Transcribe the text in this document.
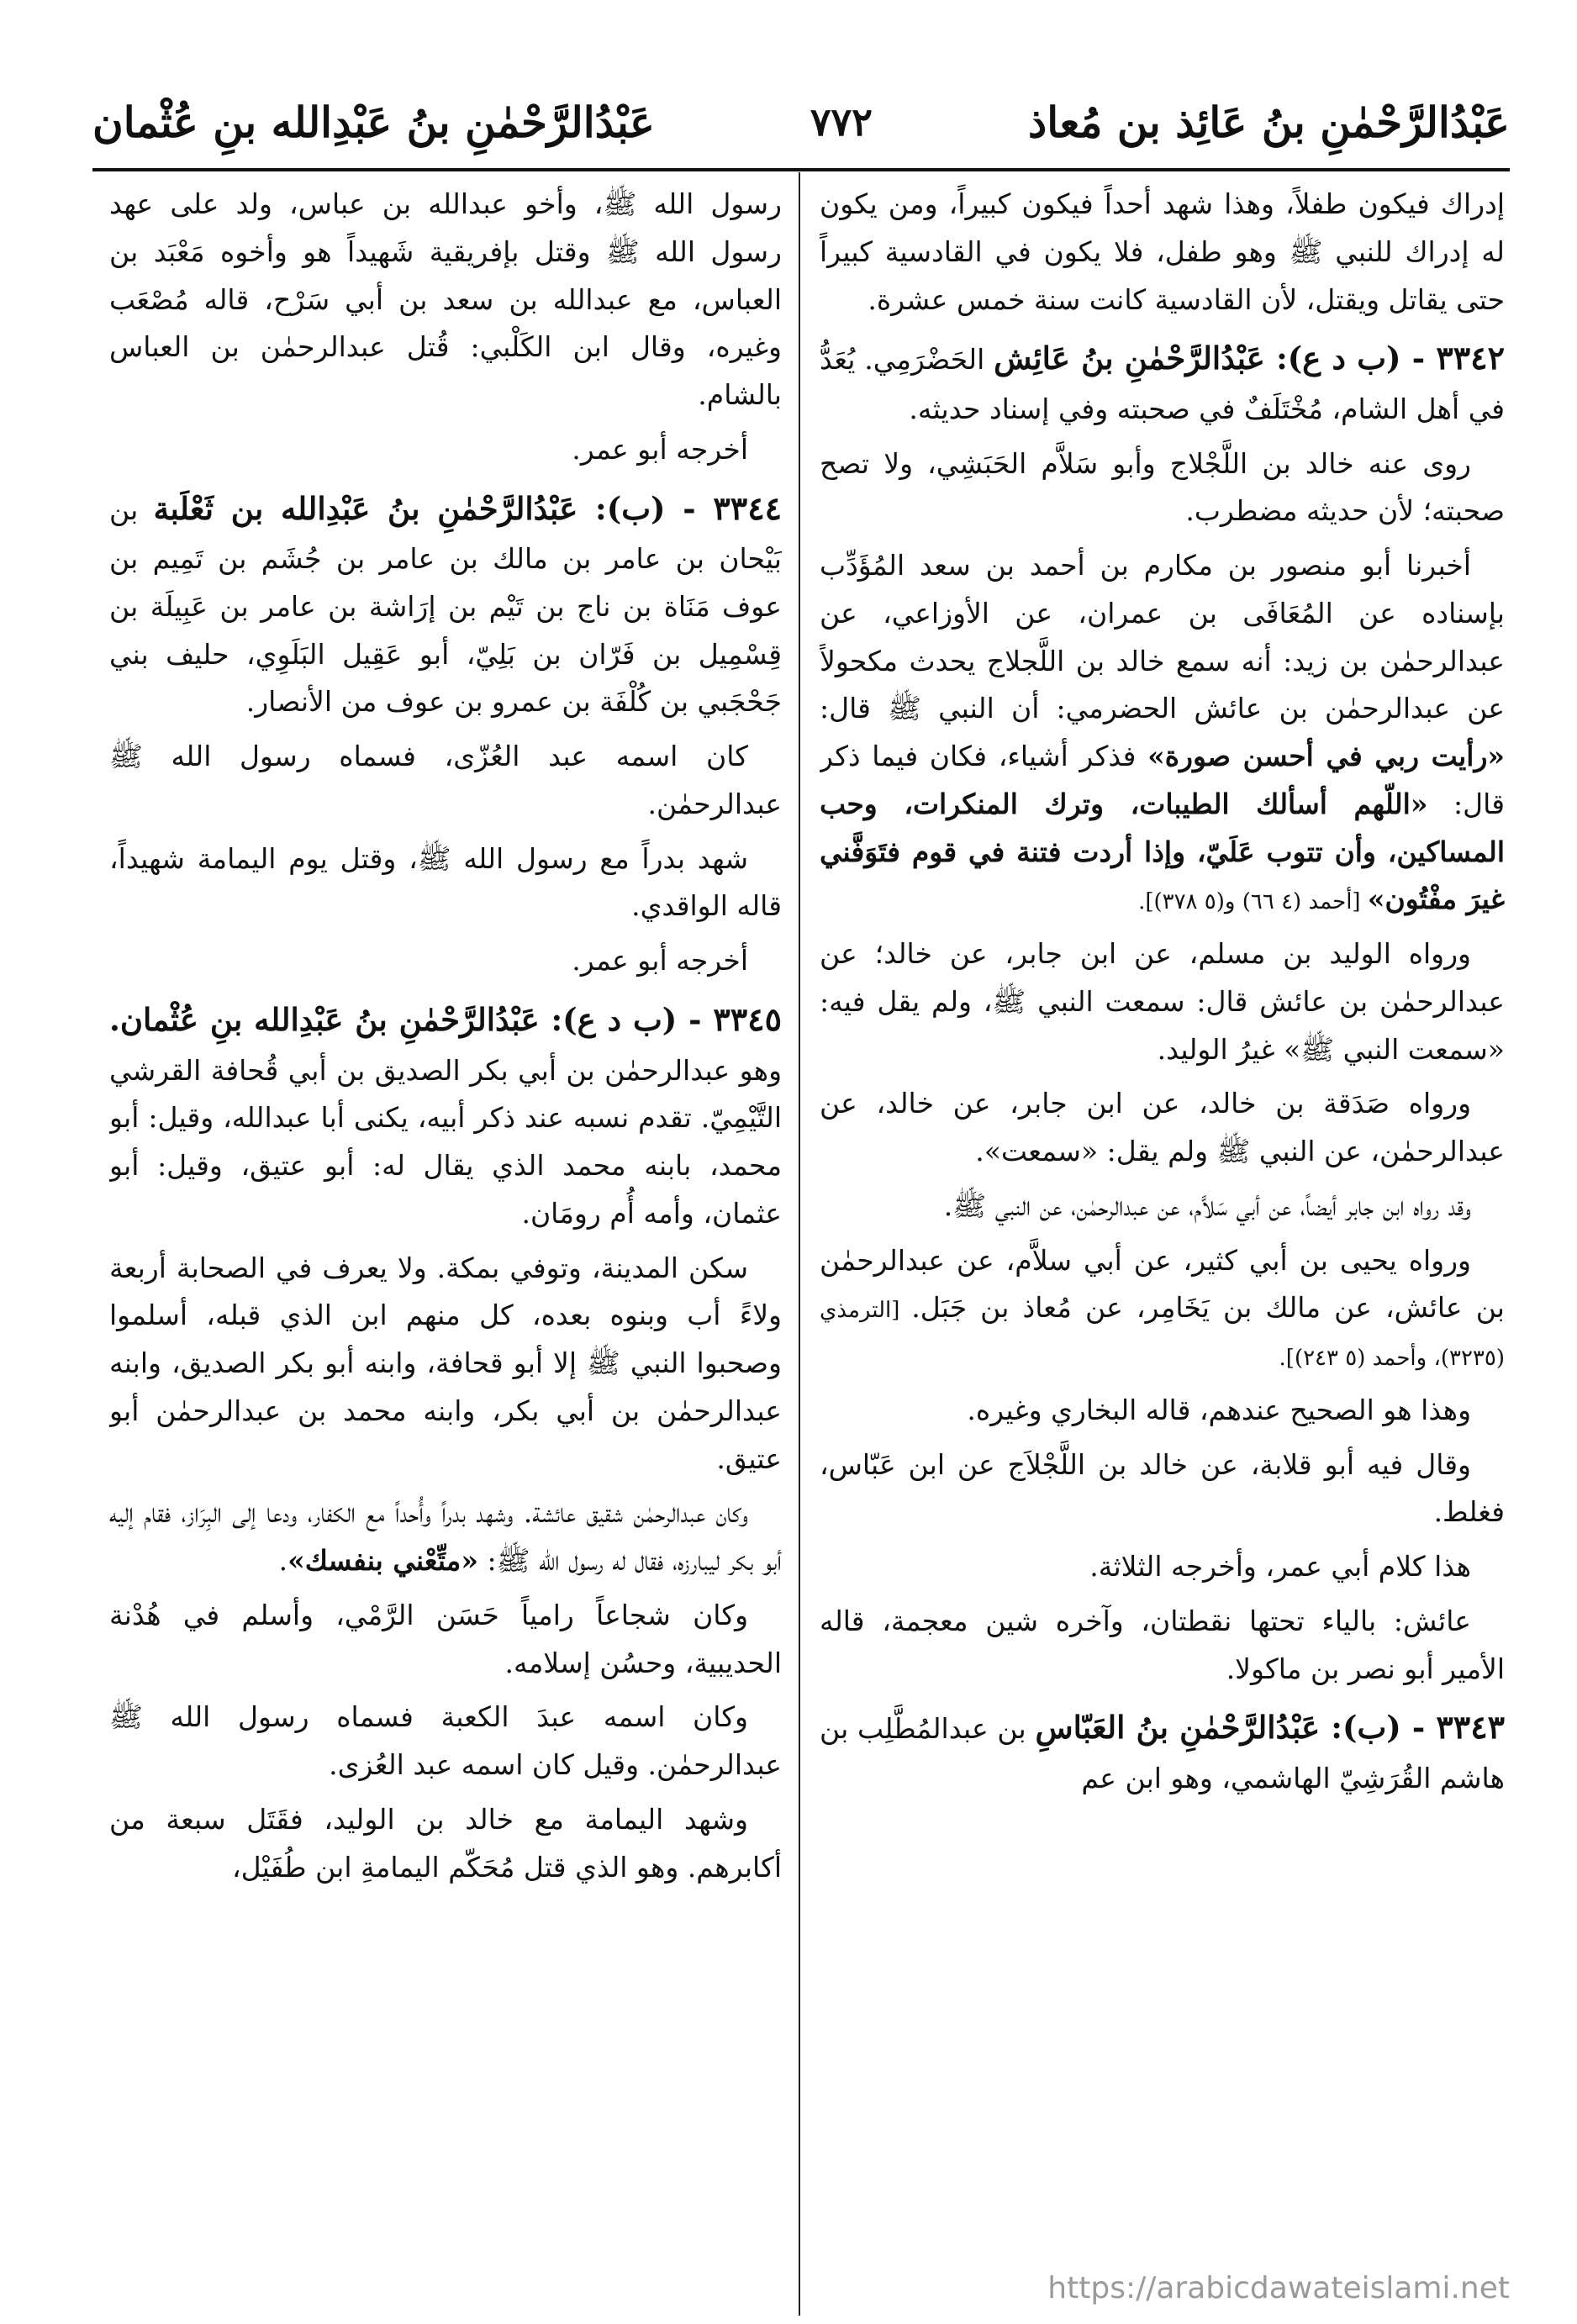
عَبْدُالرَّحْمٰنِ بنُ عَائِذ بن مُعاذ
٧٧٢
عَبْدُالرَّحْمٰنِ بنُ عَبْدِالله بنِ عُثْمان

إدراك فيكون طفلاً، وهذا شهد أحداً فيكون كبيراً، ومن يكون له إدراك للنبي ﷺ وهو طفل، فلا يكون في القادسية كبيراً حتى يقاتل ويقتل، لأن القادسية كانت سنة خمس عشرة.

٣٣٤٢ - (ب د ع): عَبْدُالرَّحْمٰنِ بنُ عَائِش الحَضْرَمِي. يُعَدُّ في أهل الشام، مُخْتَلَفٌ في صحبته وفي إسناد حديثه.

روى عنه خالد بن اللَّجْلاج وأبو سَلاَّم الحَبَشِي، ولا تصح صحبته؛ لأن حديثه مضطرب.

أخبرنا أبو منصور بن مكارم بن أحمد بن سعد المُؤَدِّب بإسناده عن المُعَافَى بن عمران، عن الأوزاعي، عن عبدالرحمٰن بن زيد: أنه سمع خالد بن اللَّجلاج يحدث مكحولاً عن عبدالرحمٰن بن عائش الحضرمي: أن النبي ﷺ قال: «رأيت ربي في أحسن صورة» فذكر أشياء، فكان فيما ذكر قال: «اللّهم أسألك الطيبات، وترك المنكرات، وحب المساكين، وأن تتوب عَلَيّ، وإذا أردت فتنة في قوم فتَوَفَّني غيرَ مفْتُون» [أحمد (٤ ٦٦) و(٥ ٣٧٨)].

ورواه الوليد بن مسلم، عن ابن جابر، عن خالد؛ عن عبدالرحمٰن بن عائش قال: سمعت النبي ﷺ، ولم يقل فيه: «سمعت النبي ﷺ» غيرُ الوليد.

ورواه صَدَقة بن خالد، عن ابن جابر، عن خالد، عن عبدالرحمٰن، عن النبي ﷺ ولم يقل: «سمعت».

وقد رواه ابن جابر أيضاً، عن أبي سَلاَّم، عن عبدالرحمٰن، عن النبي ﷺ.

ورواه يحيى بن أبي كثير، عن أبي سلاَّم، عن عبدالرحمٰن بن عائش، عن مالك بن يَخَامِر، عن مُعاذ بن جَبَل. [الترمذي (٣٢٣٥)، وأحمد (٥ ٢٤٣)].

وهذا هو الصحيح عندهم، قاله البخاري وغيره.

وقال فيه أبو قلابة، عن خالد بن اللَّجْلاَج عن ابن عَبّاس، فغلط.

هذا كلام أبي عمر، وأخرجه الثلاثة.

عائش: بالياء تحتها نقطتان، وآخره شين معجمة، قاله الأمير أبو نصر بن ماكولا.

٣٣٤٣ - (ب): عَبْدُالرَّحْمٰنِ بنُ العَبّاسِ بن عبدالمُطَّلِب بن هاشم القُرَشِيّ الهاشمي، وهو ابن عم

رسول الله ﷺ، وأخو عبدالله بن عباس، ولد على عهد رسول الله ﷺ وقتل بإفريقية شَهيداً هو وأخوه مَعْبَد بن العباس، مع عبدالله بن سعد بن أبي سَرْح، قاله مُصْعَب وغيره، وقال ابن الكَلْبي: قُتل عبدالرحمٰن بن العباس بالشام.

أخرجه أبو عمر.

٣٣٤٤ - (ب): عَبْدُالرَّحْمٰنِ بنُ عَبْدِالله بن ثَعْلَبة بن بَيْحان بن عامر بن مالك بن عامر بن جُشَم بن تَمِيم بن عوف مَنَاة بن ناج بن تَيْم بن إرَاشة بن عامر بن عَبِيلَة بن قِسْمِيل بن فَرّان بن بَلِيّ، أبو عَقِيل البَلَوِي، حليف بني جَحْجَبي بن كُلْفَة بن عمرو بن عوف من الأنصار.

كان اسمه عبد العُزّى، فسماه رسول الله ﷺ عبدالرحمٰن.

شهد بدراً مع رسول الله ﷺ، وقتل يوم اليمامة شهيداً، قاله الواقدي.

أخرجه أبو عمر.

٣٣٤٥ - (ب د ع): عَبْدُالرَّحْمٰنِ بنُ عَبْدِالله بنِ عُثْمان. وهو عبدالرحمٰن بن أبي بكر الصديق بن أبي قُحافة القرشي التَّيْمِيّ. تقدم نسبه عند ذكر أبيه، يكنى أبا عبدالله، وقيل: أبو محمد، بابنه محمد الذي يقال له: أبو عتيق، وقيل: أبو عثمان، وأمه أُم رومَان.

سكن المدينة، وتوفي بمكة. ولا يعرف في الصحابة أربعة ولاءً أب وبنوه بعده، كل منهم ابن الذي قبله، أسلموا وصحبوا النبي ﷺ إلا أبو قحافة، وابنه أبو بكر الصديق، وابنه عبدالرحمٰن بن أبي بكر، وابنه محمد بن عبدالرحمٰن أبو عتيق.

وكان عبدالرحمٰن شقيق عائشة. وشهد بدراً وأُحداً مع الكفار، ودعا إلى البِرَاز، فقام إليه أبو بكر ليبارزه، فقال له رسول الله ﷺ: «متِّعْني بنفسك».

وكان شجاعاً رامياً حَسَن الرَّمْي، وأسلم في هُدْنة الحديبية، وحسُن إسلامه.

وكان اسمه عبدَ الكعبة فسماه رسول الله ﷺ عبدالرحمٰن. وقيل كان اسمه عبد العُزى.

وشهد اليمامة مع خالد بن الوليد، فقَتَل سبعة من أكابرهم. وهو الذي قتل مُحَكّم اليمامةِ ابن طُفَيْل،

https://arabicdawateislami.net
